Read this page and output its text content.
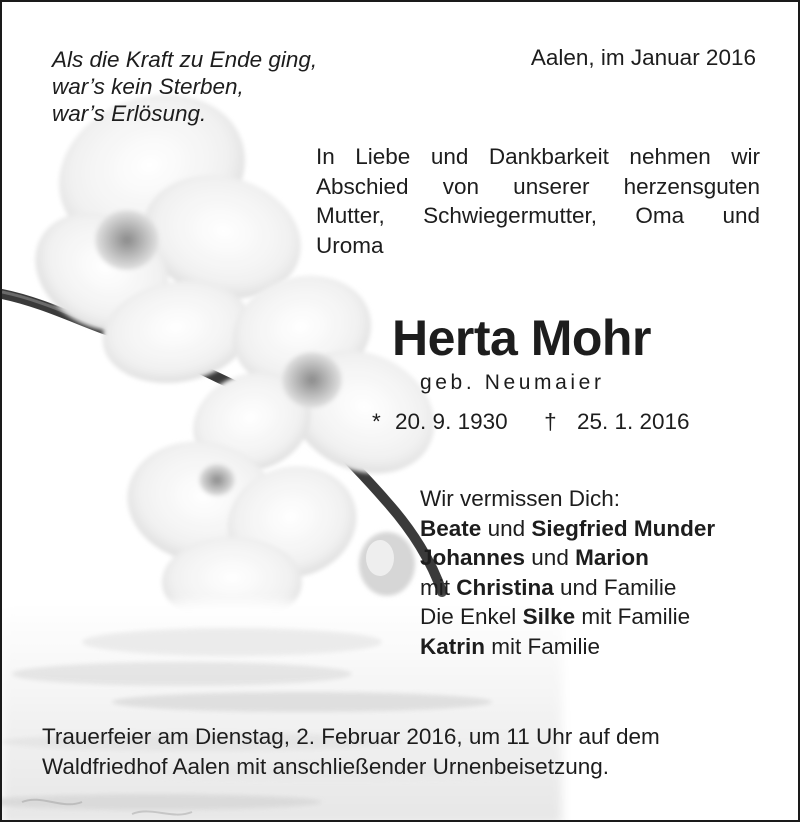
Als die Kraft zu Ende ging,
war’s kein Sterben,
war’s Erlösung.
Aalen, im Januar 2016
In Liebe und Dankbarkeit nehmen wir
Abschied von unserer herzensguten
Mutter, Schwiegermutter, Oma und
Uroma
Herta Mohr
geb. Neumaier
* 20. 9. 1930 † 25. 1. 2016
Wir vermissen Dich:
Beate und Siegfried Munder
Johannes und Marion
mit Christina und Familie
Die Enkel Silke mit Familie
Katrin mit Familie
Trauerfeier am Dienstag, 2. Februar 2016, um 11 Uhr auf dem
Waldfriedhof Aalen mit anschließender Urnenbeisetzung.
